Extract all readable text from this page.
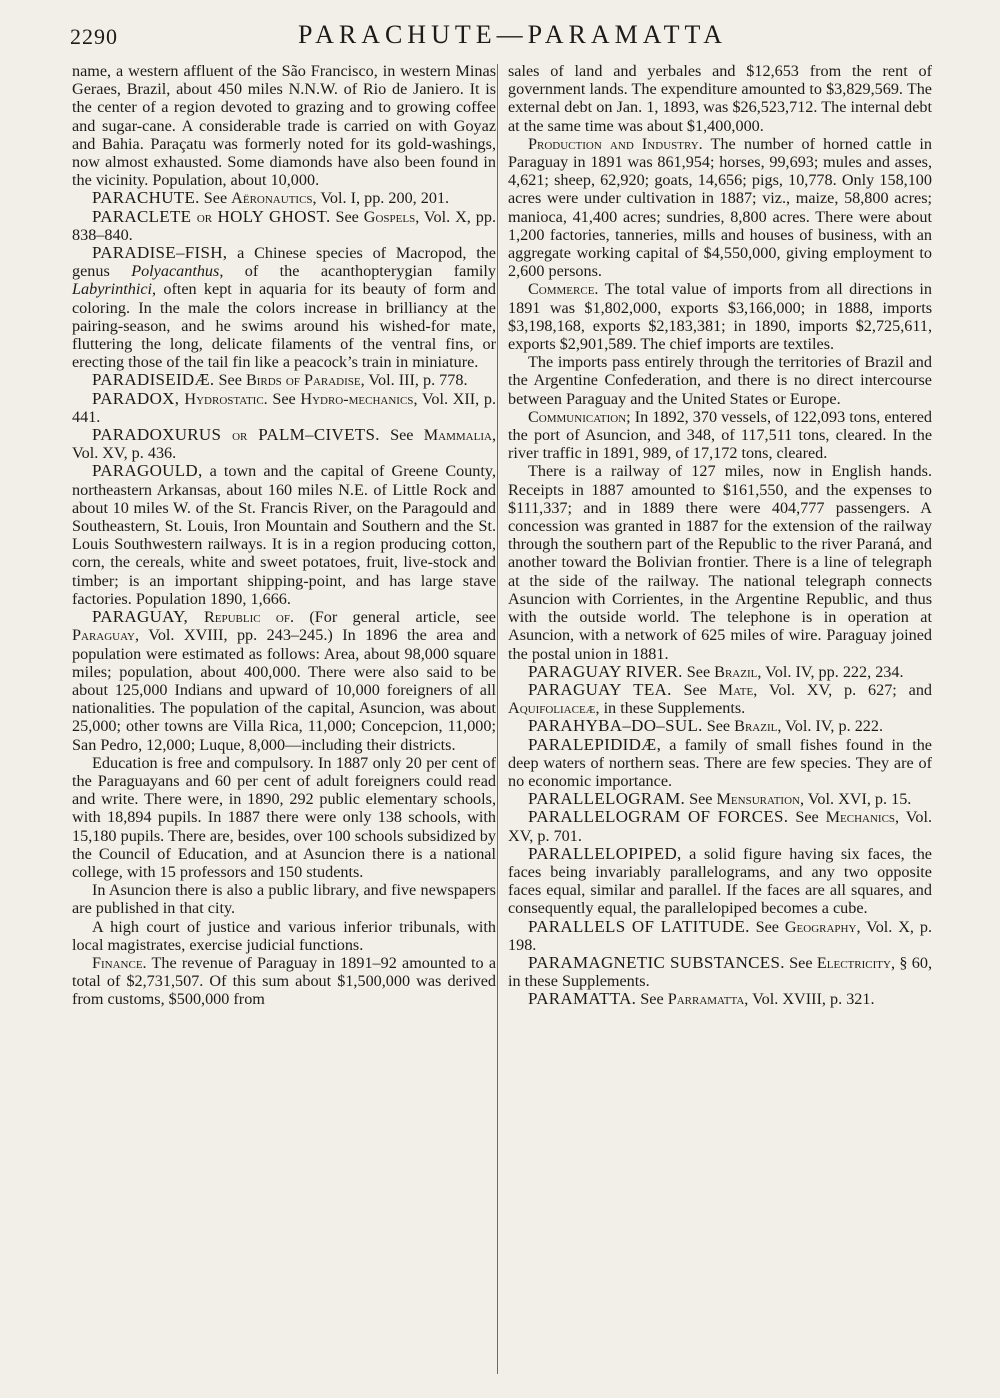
2290	PARACHUTE—PARAMATTA

name, a western affluent of the São Francisco, in western Minas Geraes, Brazil, about 450 miles N.N.W. of Rio de Janiero. It is the center of a region devoted to grazing and to growing coffee and sugar-cane. A considerable trade is carried on with Goyaz and Bahia. Paraçatu was formerly noted for its gold-washings, now almost exhausted. Some diamonds have also been found in the vicinity. Population, about 10,000.

PARACHUTE. See Aëronautics, Vol. I, pp. 200, 201.

PARACLETE or HOLY GHOST. See Gospels, Vol. X, pp. 838–840.

PARADISE–FISH, a Chinese species of Macropod, the genus Polyacanthus, of the acanthopterygian family Labyrinthici, often kept in aquaria for its beauty of form and coloring. In the male the colors increase in brilliancy at the pairing-season, and he swims around his wished-for mate, fluttering the long, delicate filaments of the ventral fins, or erecting those of the tail fin like a peacock’s train in miniature.

PARADISEIDÆ. See Birds of Paradise, Vol. III, p. 778.

PARADOX, Hydrostatic. See Hydro-mechanics, Vol. XII, p. 441.

PARADOXURUS or PALM–CIVETS. See Mammalia, Vol. XV, p. 436.

PARAGOULD, a town and the capital of Greene County, northeastern Arkansas, about 160 miles N.E. of Little Rock and about 10 miles W. of the St. Francis River, on the Paragould and Southeastern, St. Louis, Iron Mountain and Southern and the St. Louis Southwestern railways. It is in a region producing cotton, corn, the cereals, white and sweet potatoes, fruit, live-stock and timber; is an important shipping-point, and has large stave factories. Population 1890, 1,666.

PARAGUAY, Republic of. (For general article, see Paraguay, Vol. XVIII, pp. 243–245.) In 1896 the area and population were estimated as follows: Area, about 98,000 square miles; population, about 400,000. There were also said to be about 125,000 Indians and upward of 10,000 foreigners of all nationalities. The population of the capital, Asuncion, was about 25,000; other towns are Villa Rica, 11,000; Concepcion, 11,000; San Pedro, 12,000; Luque, 8,000—including their districts.

Education is free and compulsory. In 1887 only 20 per cent of the Paraguayans and 60 per cent of adult foreigners could read and write. There were, in 1890, 292 public elementary schools, with 18,894 pupils. In 1887 there were only 138 schools, with 15,180 pupils. There are, besides, over 100 schools subsidized by the Council of Education, and at Asuncion there is a national college, with 15 professors and 150 students.

In Asuncion there is also a public library, and five newspapers are published in that city.

A high court of justice and various inferior tribunals, with local magistrates, exercise judicial functions.

Finance. The revenue of Paraguay in 1891–92 amounted to a total of $2,731,507. Of this sum about $1,500,000 was derived from customs, $500,000 from

sales of land and yerbales and $12,653 from the rent of government lands. The expenditure amounted to $3,829,569. The external debt on Jan. 1, 1893, was $26,523,712. The internal debt at the same time was about $1,400,000.

Production and Industry. The number of horned cattle in Paraguay in 1891 was 861,954; horses, 99,693; mules and asses, 4,621; sheep, 62,920; goats, 14,656; pigs, 10,778. Only 158,100 acres were under cultivation in 1887; viz., maize, 58,800 acres; manioca, 41,400 acres; sundries, 8,800 acres. There were about 1,200 factories, tanneries, mills and houses of business, with an aggregate working capital of $4,550,000, giving employment to 2,600 persons.

Commerce. The total value of imports from all directions in 1891 was $1,802,000, exports $3,166,000; in 1888, imports $3,198,168, exports $2,183,381; in 1890, imports $2,725,611, exports $2,901,589. The chief imports are textiles.

The imports pass entirely through the territories of Brazil and the Argentine Confederation, and there is no direct intercourse between Paraguay and the United States or Europe.

Communication; In 1892, 370 vessels, of 122,093 tons, entered the port of Asuncion, and 348, of 117,511 tons, cleared. In the river traffic in 1891, 989, of 17,172 tons, cleared.

There is a railway of 127 miles, now in English hands. Receipts in 1887 amounted to $161,550, and the expenses to $111,337; and in 1889 there were 404,777 passengers. A concession was granted in 1887 for the extension of the railway through the southern part of the Republic to the river Paraná, and another toward the Bolivian frontier. There is a line of telegraph at the side of the railway. The national telegraph connects Asuncion with Corrientes, in the Argentine Republic, and thus with the outside world. The telephone is in operation at Asuncion, with a network of 625 miles of wire. Paraguay joined the postal union in 1881.

PARAGUAY RIVER. See Brazil, Vol. IV, pp. 222, 234.

PARAGUAY TEA. See Mate, Vol. XV, p. 627; and Aquifoliaceæ, in these Supplements.

PARAHYBA–DO–SUL. See Brazil, Vol. IV, p. 222.

PARALEPIDIDÆ, a family of small fishes found in the deep waters of northern seas. There are few species. They are of no economic importance.

PARALLELOGRAM. See Mensuration, Vol. XVI, p. 15.

PARALLELOGRAM OF FORCES. See Mechanics, Vol. XV, p. 701.

PARALLELOPIPED, a solid figure having six faces, the faces being invariably parallelograms, and any two opposite faces equal, similar and parallel. If the faces are all squares, and consequently equal, the parallelopiped becomes a cube.

PARALLELS OF LATITUDE. See Geography, Vol. X, p. 198.

PARAMAGNETIC SUBSTANCES. See Electricity, § 60, in these Supplements.

PARAMATTA. See Parramatta, Vol. XVIII, p. 321.
